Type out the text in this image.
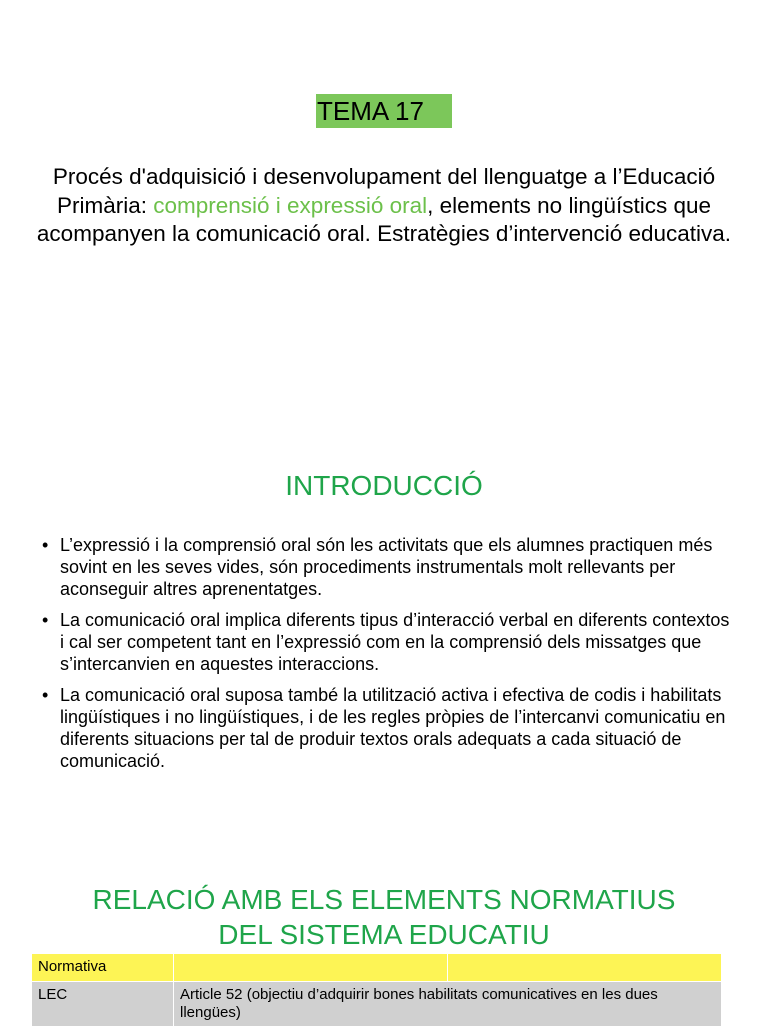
TEMA 17
Procés d'adquisició i desenvolupament del llenguatge a l’Educació Primària: comprensió i expressió oral, elements no lingüístics que acompanyen la comunicació oral. Estratègies d’intervenció educativa.
INTRODUCCIÓ
• L’expressió i la comprensió oral són les activitats que els alumnes practiquen més sovint en les seves vides, són procediments instrumentals molt rellevants per aconseguir altres aprenentatges.
• La comunicació oral implica diferents tipus d’interacció verbal en diferents contextos i cal ser competent tant en l’expressió com en la comprensió dels missatges que s’intercanvien en aquestes interaccions.
• La comunicació oral suposa també la utilització activa i efectiva de codis i habilitats lingüístiques i no lingüístiques, i de les regles pròpies de l’intercanvi comunicatiu en diferents situacions per tal de produir textos orals adequats a cada situació de comunicació.
RELACIÓ AMB ELS ELEMENTS NORMATIUS
DEL SISTEMA EDUCATIU
Normativa		
LEC	Article 52 (objectiu d’adquirir bones habilitats comunicatives en les dues llengües)	
